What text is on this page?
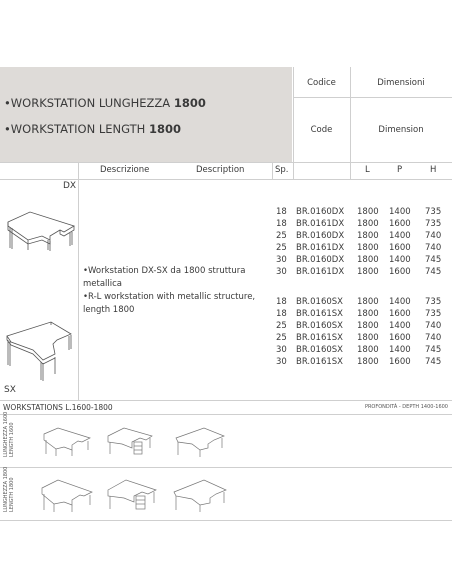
•WORKSTATION LUNGHEZZA 1800
•WORKSTATION LENGTH 1800
Codice	Dimensioni
Code	Dimension
Descrizione	Description	Sp.	L	P	H
DX
SX
•Workstation DX-SX da 1800 struttura metallica
•R-L workstation with metallic structure, length 1800
18 BR.0160DX 1800 1400 735
18 BR.0161DX 1800 1600 735
25 BR.0160DX 1800 1400 740
25 BR.0161DX 1800 1600 740
30 BR.0160DX 1800 1400 745
30 BR.0161DX 1800 1600 745
18 BR.0160SX 1800 1400 735
18 BR.0161SX 1800 1600 735
25 BR.0160SX 1800 1400 740
25 BR.0161SX 1800 1600 740
30 BR.0160SX 1800 1400 745
30 BR.0161SX 1800 1600 745
WORKSTATIONS L.1600-1800	PROFONDITÀ - DEPTH 1400-1600
LUNGHEZZA 1600 LENGTH 1600
LUNGHEZZA 1800 LENGTH 1800
